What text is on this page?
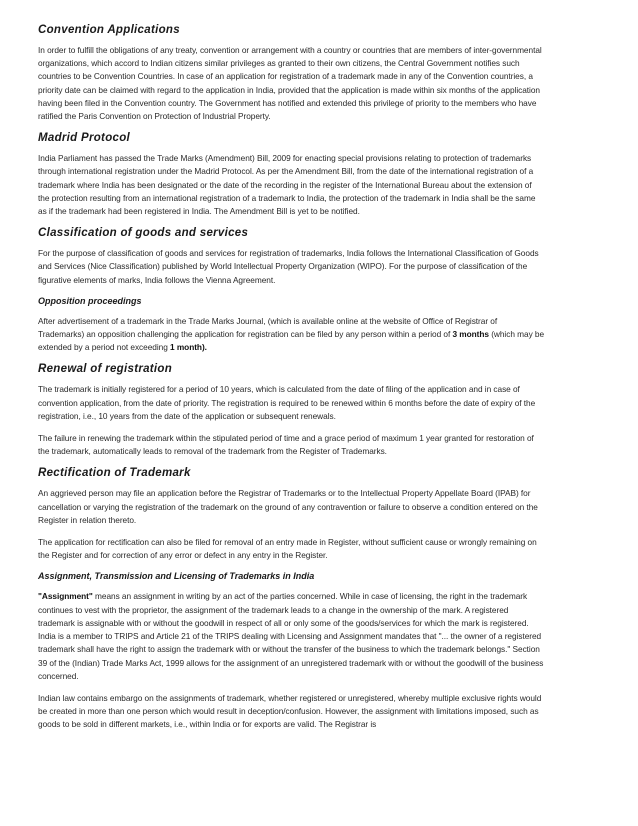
Convention Applications

In order to fulfill the obligations of any treaty, convention or arrangement with a country or countries that are members of inter-governmental organizations, which accord to Indian citizens similar privileges as granted to their own citizens, the Central Government notifies such countries to be Convention Countries. In case of an application for registration of a trademark made in any of the Convention countries, a priority date can be claimed with regard to the application in India, provided that the application is made within six months of the application having been filed in the Convention country. The Government has notified and extended this privilege of priority to the members who have ratified the Paris Convention on Protection of Industrial Property.

Madrid Protocol

India Parliament has passed the Trade Marks (Amendment) Bill, 2009 for enacting special provisions relating to protection of trademarks through international registration under the Madrid Protocol. As per the Amendment Bill, from the date of the international registration of a trademark where India has been designated or the date of the recording in the register of the International Bureau about the extension of the protection resulting from an international registration of a trademark to India, the protection of the trademark in India shall be the same as if the trademark had been registered in India. The Amendment Bill is yet to be notified.

Classification of goods and services

For the purpose of classification of goods and services for registration of trademarks, India follows the International Classification of Goods and Services (Nice Classification) published by World Intellectual Property Organization (WIPO). For the purpose of classification of the figurative elements of marks, India follows the Vienna Agreement.

Opposition proceedings

After advertisement of a trademark in the Trade Marks Journal, (which is available online at the website of Office of Registrar of Trademarks) an opposition challenging the application for registration can be filed by any person within a period of 3 months (which may be extended by a period not exceeding 1 month).

Renewal of registration

The trademark is initially registered for a period of 10 years, which is calculated from the date of filing of the application and in case of convention application, from the date of priority. The registration is required to be renewed within 6 months before the date of expiry of the registration, i.e., 10 years from the date of the application or subsequent renewals.

The failure in renewing the trademark within the stipulated period of time and a grace period of maximum 1 year granted for restoration of the trademark, automatically leads to removal of the trademark from the Register of Trademarks.

Rectification of Trademark

An aggrieved person may file an application before the Registrar of Trademarks or to the Intellectual Property Appellate Board (IPAB) for cancellation or varying the registration of the trademark on the ground of any contravention or failure to observe a condition entered on the Register in relation thereto.

The application for rectification can also be filed for removal of an entry made in Register, without sufficient cause or wrongly remaining on the Register and for correction of any error or defect in any entry in the Register.

Assignment, Transmission and Licensing of Trademarks in India

"Assignment" means an assignment in writing by an act of the parties concerned. While in case of licensing, the right in the trademark continues to vest with the proprietor, the assignment of the trademark leads to a change in the ownership of the mark. A registered trademark is assignable with or without the goodwill in respect of all or only some of the goods/services for which the mark is registered. India is a member to TRIPS and Article 21 of the TRIPS dealing with Licensing and Assignment mandates that "... the owner of a registered trademark shall have the right to assign the trademark with or without the transfer of the business to which the trademark belongs." Section 39 of the (Indian) Trade Marks Act, 1999 allows for the assignment of an unregistered trademark with or without the goodwill of the business concerned.

Indian law contains embargo on the assignments of trademark, whether registered or unregistered, whereby multiple exclusive rights would be created in more than one person which would result in deception/confusion. However, the assignment with limitations imposed, such as goods to be sold in different markets, i.e., within India or for exports are valid. The Registrar is
